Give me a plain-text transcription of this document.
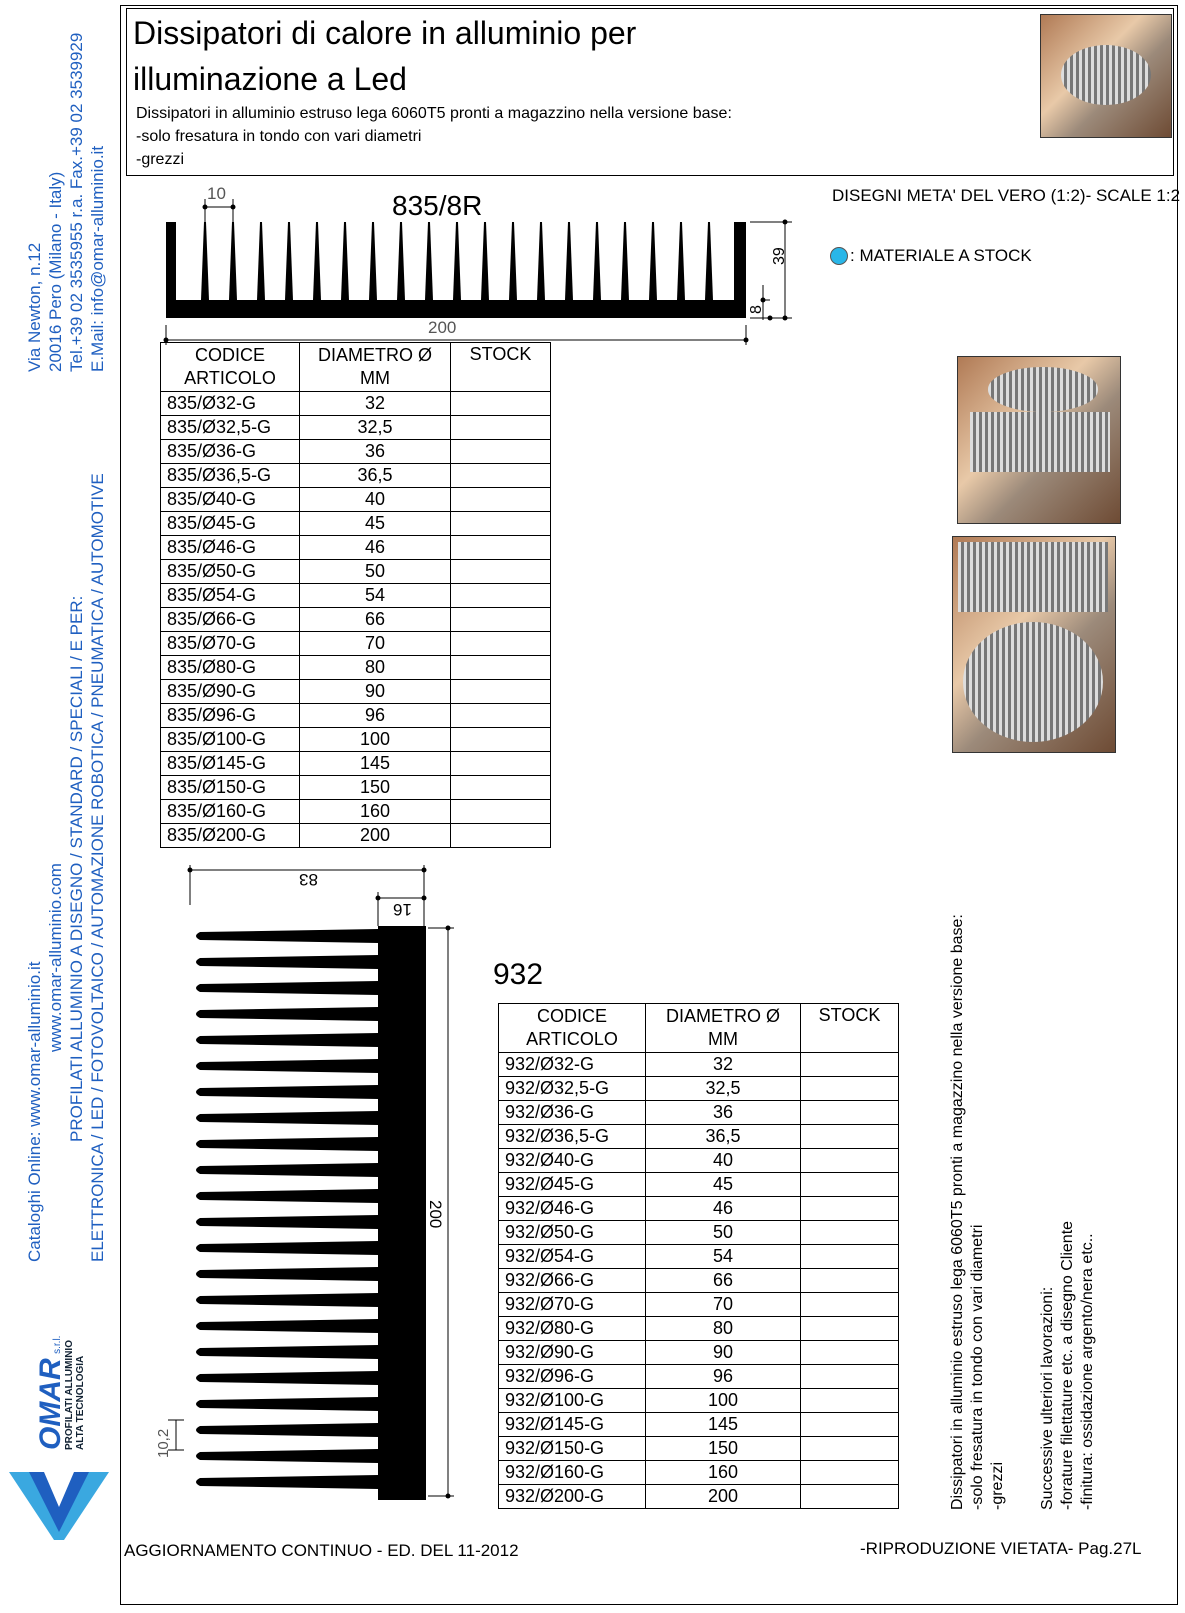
Dissipatori di calore in alluminio per
illuminazione a Led
Dissipatori in alluminio estruso lega 6060T5 pronti a magazzino nella versione base:
-solo fresatura in tondo con vari diametri
-grezzi
DISEGNI META' DEL VERO (1:2)- SCALE 1:2
: MATERIALE A STOCK
835/8R
10
200
39
8
CODICE ARTICOLO	DIAMETRO Ø MM	STOCK
835/Ø32-G	32	
835/Ø32,5-G	32,5	
835/Ø36-G	36	
835/Ø36,5-G	36,5	
835/Ø40-G	40	
835/Ø45-G	45	
835/Ø46-G	46	
835/Ø50-G	50	
835/Ø54-G	54	
835/Ø66-G	66	
835/Ø70-G	70	
835/Ø80-G	80	
835/Ø90-G	90	
835/Ø96-G	96	
835/Ø100-G	100	
835/Ø145-G	145	
835/Ø150-G	150	
835/Ø160-G	160	
835/Ø200-G	200	
83
16
200
10,2
932
CODICE ARTICOLO	DIAMETRO Ø MM	STOCK
932/Ø32-G	32	
932/Ø32,5-G	32,5	
932/Ø36-G	36	
932/Ø36,5-G	36,5	
932/Ø40-G	40	
932/Ø45-G	45	
932/Ø46-G	46	
932/Ø50-G	50	
932/Ø54-G	54	
932/Ø66-G	66	
932/Ø70-G	70	
932/Ø80-G	80	
932/Ø90-G	90	
932/Ø96-G	96	
932/Ø100-G	100	
932/Ø145-G	145	
932/Ø150-G	150	
932/Ø160-G	160	
932/Ø200-G	200		Dissipatori in alluminio estruso lega 6060T5 pronti a magazzino nella versione base: -solo fresatura in tondo con vari diametri -grezzi Successive ulteriori lavorazioni: -forature filettature etc. a disegno Cliente -finitura: ossidazione argento/nera etc..
Via Newton, n.12 20016 Pero (Milano - Italy) Tel.+39 02 3535955 r.a. Fax.+39 02 3539929 E.Mail: info@omar-alluminio.it
Cataloghi Online: www.omar-alluminio.it
www.omar-alluminio.com PROFILATI ALLUMINIO A DISEGNO / STANDARD / SPECIALI / E PER: ELETTRONICA / LED / FOTOVOLTAICO / AUTOMAZIONE ROBOTICA / PNEUMATICA / AUTOMOTIVE
OMAR s.r.l. PROFILATI ALLUMINIO ALTA TECNOLOGIA
AGGIORNAMENTO CONTINUO - ED. DEL 11-2012	-RIPRODUZIONE VIETATA- Pag.27L
